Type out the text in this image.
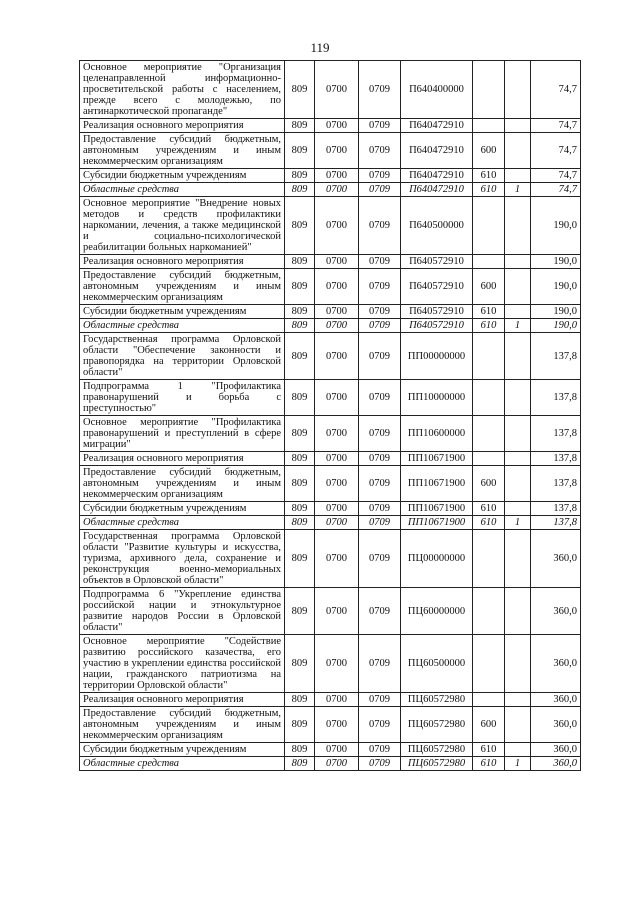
119
Основное мероприятие "Организация целенаправленной информационно-просветительской работы с населением, прежде всего с молодежью, по антинаркотической пропаганде"	809	0700	0709	П640400000			74,7
Реализация основного мероприятия	809	0700	0709	П640472910			74,7
Предоставление субсидий бюджетным, автономным учреждениям и иным некоммерческим организациям	809	0700	0709	П640472910	600		74,7
Субсидии бюджетным учреждениям	809	0700	0709	П640472910	610		74,7
Областные средства	809	0700	0709	П640472910	610	1	74,7
Основное мероприятие "Внедрение новых методов и средств профилактики наркомании, лечения, а также медицинской и социально-психологической реабилитации больных наркоманией"	809	0700	0709	П640500000			190,0
Реализация основного мероприятия	809	0700	0709	П640572910			190,0
Предоставление субсидий бюджетным, автономным учреждениям и иным некоммерческим организациям	809	0700	0709	П640572910	600		190,0
Субсидии бюджетным учреждениям	809	0700	0709	П640572910	610		190,0
Областные средства	809	0700	0709	П640572910	610	1	190,0
Государственная программа Орловской области "Обеспечение законности и правопорядка на территории Орловской области"	809	0700	0709	ПП00000000			137,8
Подпрограмма 1 "Профилактика правонарушений и борьба с преступностью"	809	0700	0709	ПП10000000			137,8
Основное мероприятие "Профилактика правонарушений и преступлений в сфере миграции"	809	0700	0709	ПП10600000			137,8
Реализация основного мероприятия	809	0700	0709	ПП10671900			137,8
Предоставление субсидий бюджетным, автономным учреждениям и иным некоммерческим организациям	809	0700	0709	ПП10671900	600		137,8
Субсидии бюджетным учреждениям	809	0700	0709	ПП10671900	610		137,8
Областные средства	809	0700	0709	ПП10671900	610	1	137,8
Государственная программа Орловской области "Развитие культуры и искусства, туризма, архивного дела, сохранение и реконструкция военно-мемориальных объектов в Орловской области"	809	0700	0709	ПЦ00000000			360,0
Подпрограмма 6 "Укрепление единства российской нации и этнокультурное развитие народов России в Орловской области"	809	0700	0709	ПЦ60000000			360,0
Основное мероприятие "Содействие развитию российского казачества, его участию в укреплении единства российской нации, гражданского патриотизма на территории Орловской области"	809	0700	0709	ПЦ60500000			360,0
Реализация основного мероприятия	809	0700	0709	ПЦ60572980			360,0
Предоставление субсидий бюджетным, автономным учреждениям и иным некоммерческим организациям	809	0700	0709	ПЦ60572980	600		360,0
Субсидии бюджетным учреждениям	809	0700	0709	ПЦ60572980	610		360,0
Областные средства	809	0700	0709	ПЦ60572980	610	1	360,0
